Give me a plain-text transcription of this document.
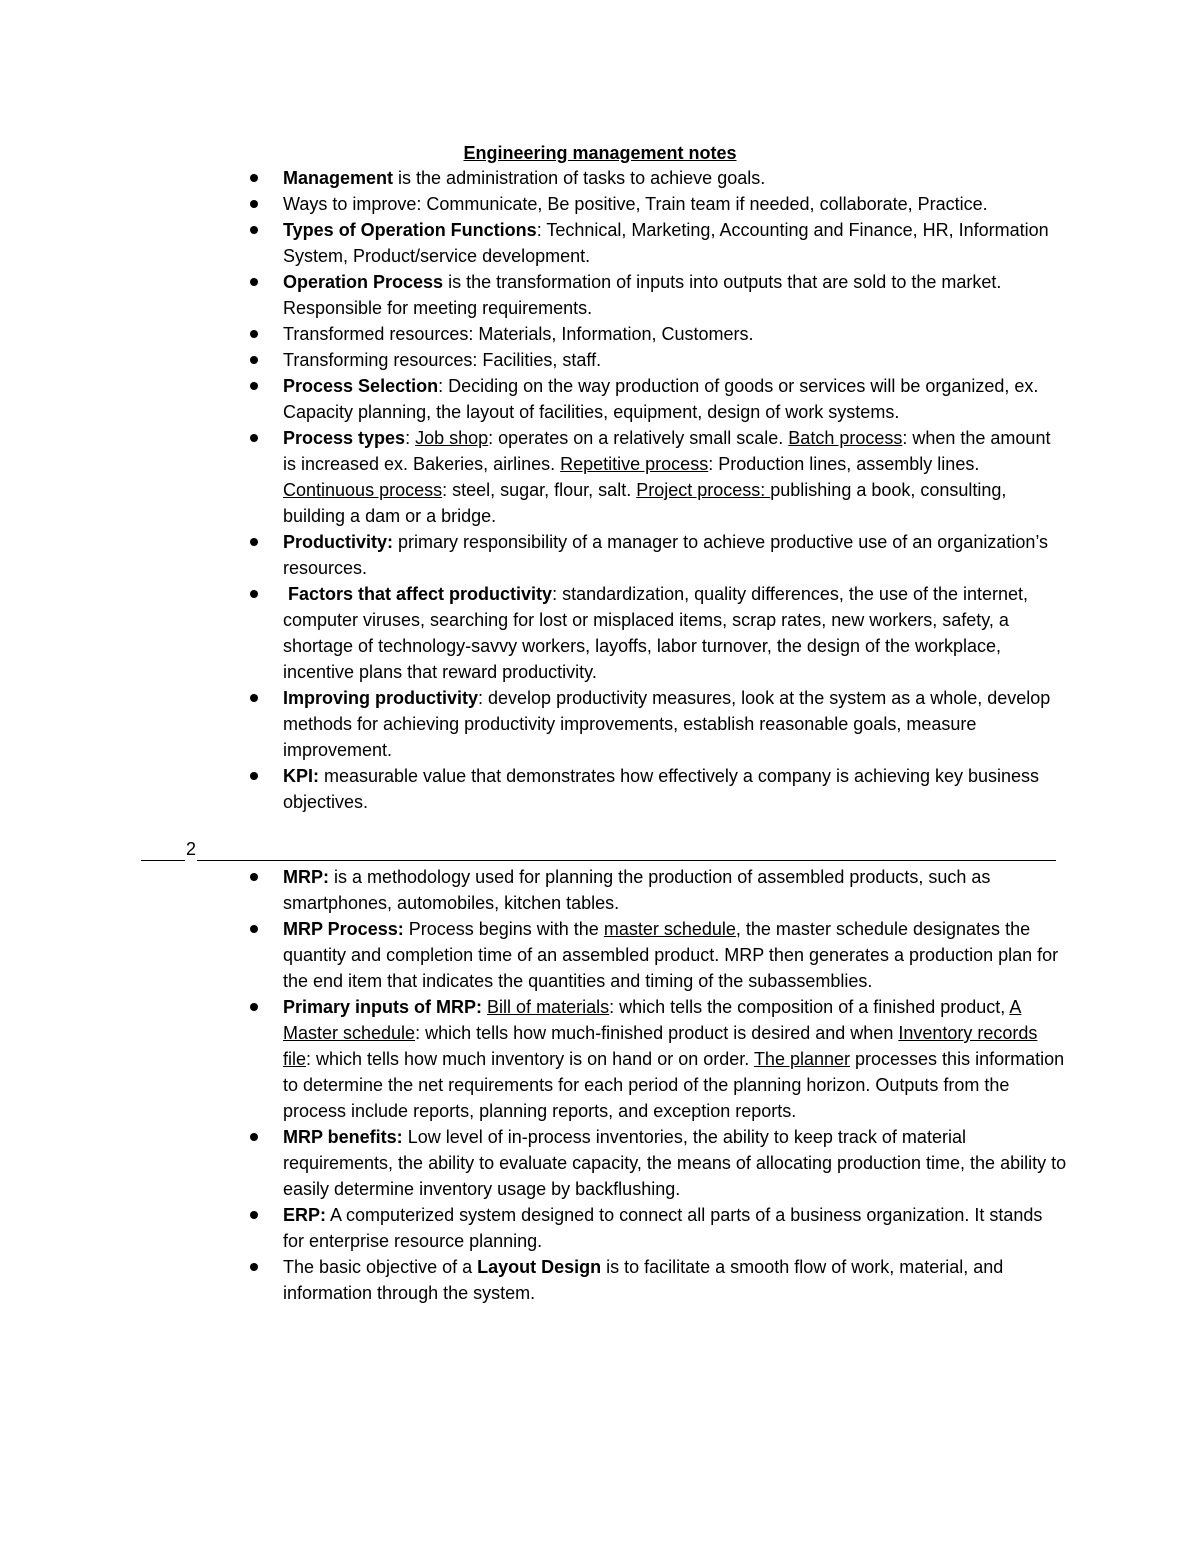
Engineering management notes
Management is the administration of tasks to achieve goals.
Ways to improve: Communicate, Be positive, Train team if needed, collaborate, Practice.
Types of Operation Functions: Technical, Marketing, Accounting and Finance, HR, Information System, Product/service development.
Operation Process is the transformation of inputs into outputs that are sold to the market. Responsible for meeting requirements.
Transformed resources: Materials, Information, Customers.
Transforming resources: Facilities, staff.
Process Selection: Deciding on the way production of goods or services will be organized, ex. Capacity planning, the layout of facilities, equipment, design of work systems.
Process types: Job shop: operates on a relatively small scale. Batch process: when the amount is increased ex. Bakeries, airlines. Repetitive process: Production lines, assembly lines. Continuous process: steel, sugar, flour, salt. Project process: publishing a book, consulting, building a dam or a bridge.
Productivity: primary responsibility of a manager to achieve productive use of an organization’s resources.
Factors that affect productivity: standardization, quality differences, the use of the internet, computer viruses, searching for lost or misplaced items, scrap rates, new workers, safety, a shortage of technology-savvy workers, layoffs, labor turnover, the design of the workplace, incentive plans that reward productivity.
Improving productivity: develop productivity measures, look at the system as a whole, develop methods for achieving productivity improvements, establish reasonable goals, measure improvement.
KPI: measurable value that demonstrates how effectively a company is achieving key business objectives.
2
MRP: is a methodology used for planning the production of assembled products, such as smartphones, automobiles, kitchen tables.
MRP Process: Process begins with the master schedule, the master schedule designates the quantity and completion time of an assembled product. MRP then generates a production plan for the end item that indicates the quantities and timing of the subassemblies.
Primary inputs of MRP: Bill of materials: which tells the composition of a finished product, A Master schedule: which tells how much-finished product is desired and when Inventory records file: which tells how much inventory is on hand or on order. The planner processes this information to determine the net requirements for each period of the planning horizon. Outputs from the process include reports, planning reports, and exception reports.
MRP benefits: Low level of in-process inventories, the ability to keep track of material requirements, the ability to evaluate capacity, the means of allocating production time, the ability to easily determine inventory usage by backflushing.
ERP: A computerized system designed to connect all parts of a business organization. It stands for enterprise resource planning.
The basic objective of a Layout Design is to facilitate a smooth flow of work, material, and information through the system.
